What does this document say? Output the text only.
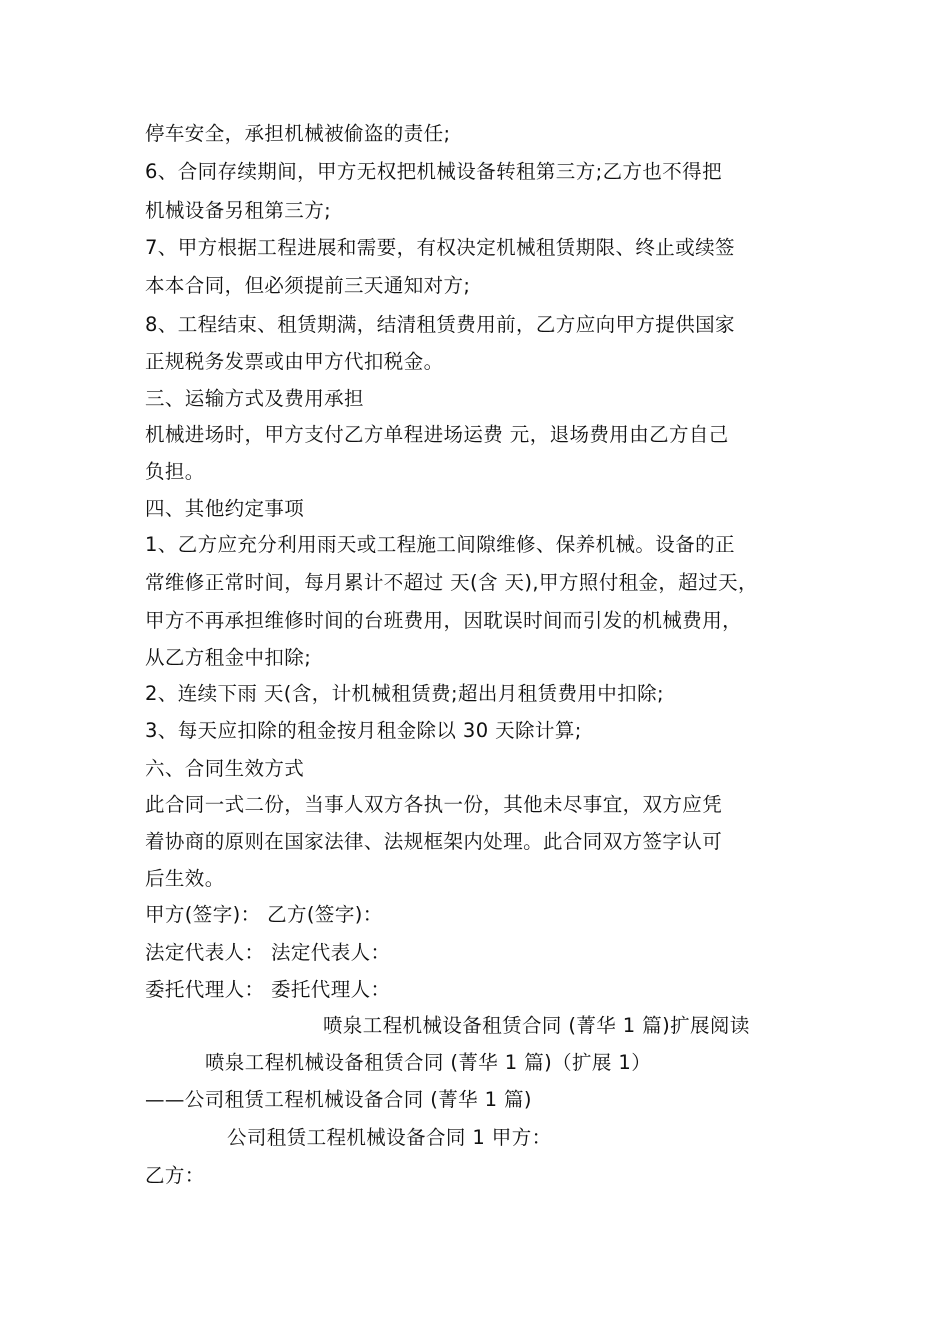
停车安全，承担机械被偷盗的责任;
6、合同存续期间，甲方无权把机械设备转租第三方;乙方也不得把
机械设备另租第三方;
7、甲方根据工程进展和需要，有权决定机械租赁期限、终止或续签
本本合同，但必须提前三天通知对方;
8、工程结束、租赁期满，结清租赁费用前，乙方应向甲方提供国家
正规税务发票或由甲方代扣税金。
三、运输方式及费用承担
机械进场时，甲方支付乙方单程进场运费 元，退场费用由乙方自己
负担。
四、其他约定事项
1、乙方应充分利用雨天或工程施工间隙维修、保养机械。设备的正
常维修正常时间，每月累计不超过 天(含 天),甲方照付租金，超过天，
甲方不再承担维修时间的台班费用，因耽误时间而引发的机械费用，
从乙方租金中扣除;
2、连续下雨 天(含，计机械租赁费;超出月租赁费用中扣除;
3、每天应扣除的租金按月租金除以 30 天除计算;
六、合同生效方式
此合同一式二份，当事人双方各执一份，其他未尽事宜，双方应凭
着协商的原则在国家法律、法规框架内处理。此合同双方签字认可
后生效。
甲方(签字)： 乙方(签字)：
法定代表人： 法定代表人：
委托代理人： 委托代理人：
喷泉工程机械设备租赁合同 (菁华 1 篇)扩展阅读
喷泉工程机械设备租赁合同 (菁华 1 篇)（扩展 1）
——公司租赁工程机械设备合同 (菁华 1 篇)
公司租赁工程机械设备合同 1 甲方：
乙方：
